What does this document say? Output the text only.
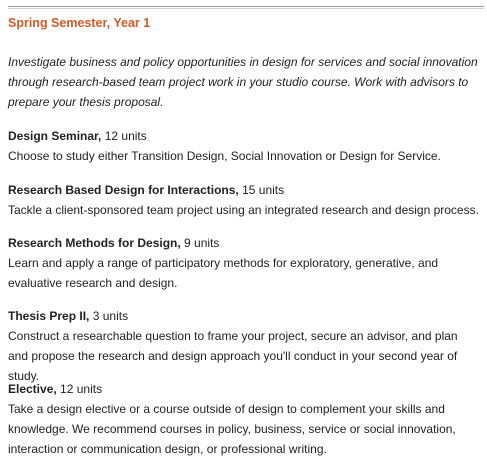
Spring Semester, Year 1

Investigate business and policy opportunities in design for services and social innovation through research-based team project work in your studio course. Work with advisors to prepare your thesis proposal.

Design Seminar, 12 units
Choose to study either Transition Design, Social Innovation or Design for Service.

Research Based Design for Interactions, 15 units
Tackle a client-sponsored team project using an integrated research and design process.

Research Methods for Design, 9 units
Learn and apply a range of participatory methods for exploratory, generative, and evaluative research and design.

Thesis Prep II, 3 units
Construct a researchable question to frame your project, secure an advisor, and plan and propose the research and design approach you'll conduct in your second year of study.

Elective, 12 units
Take a design elective or a course outside of design to complement your skills and knowledge. We recommend courses in policy, business, service or social innovation, interaction or communication design, or professional writing.
